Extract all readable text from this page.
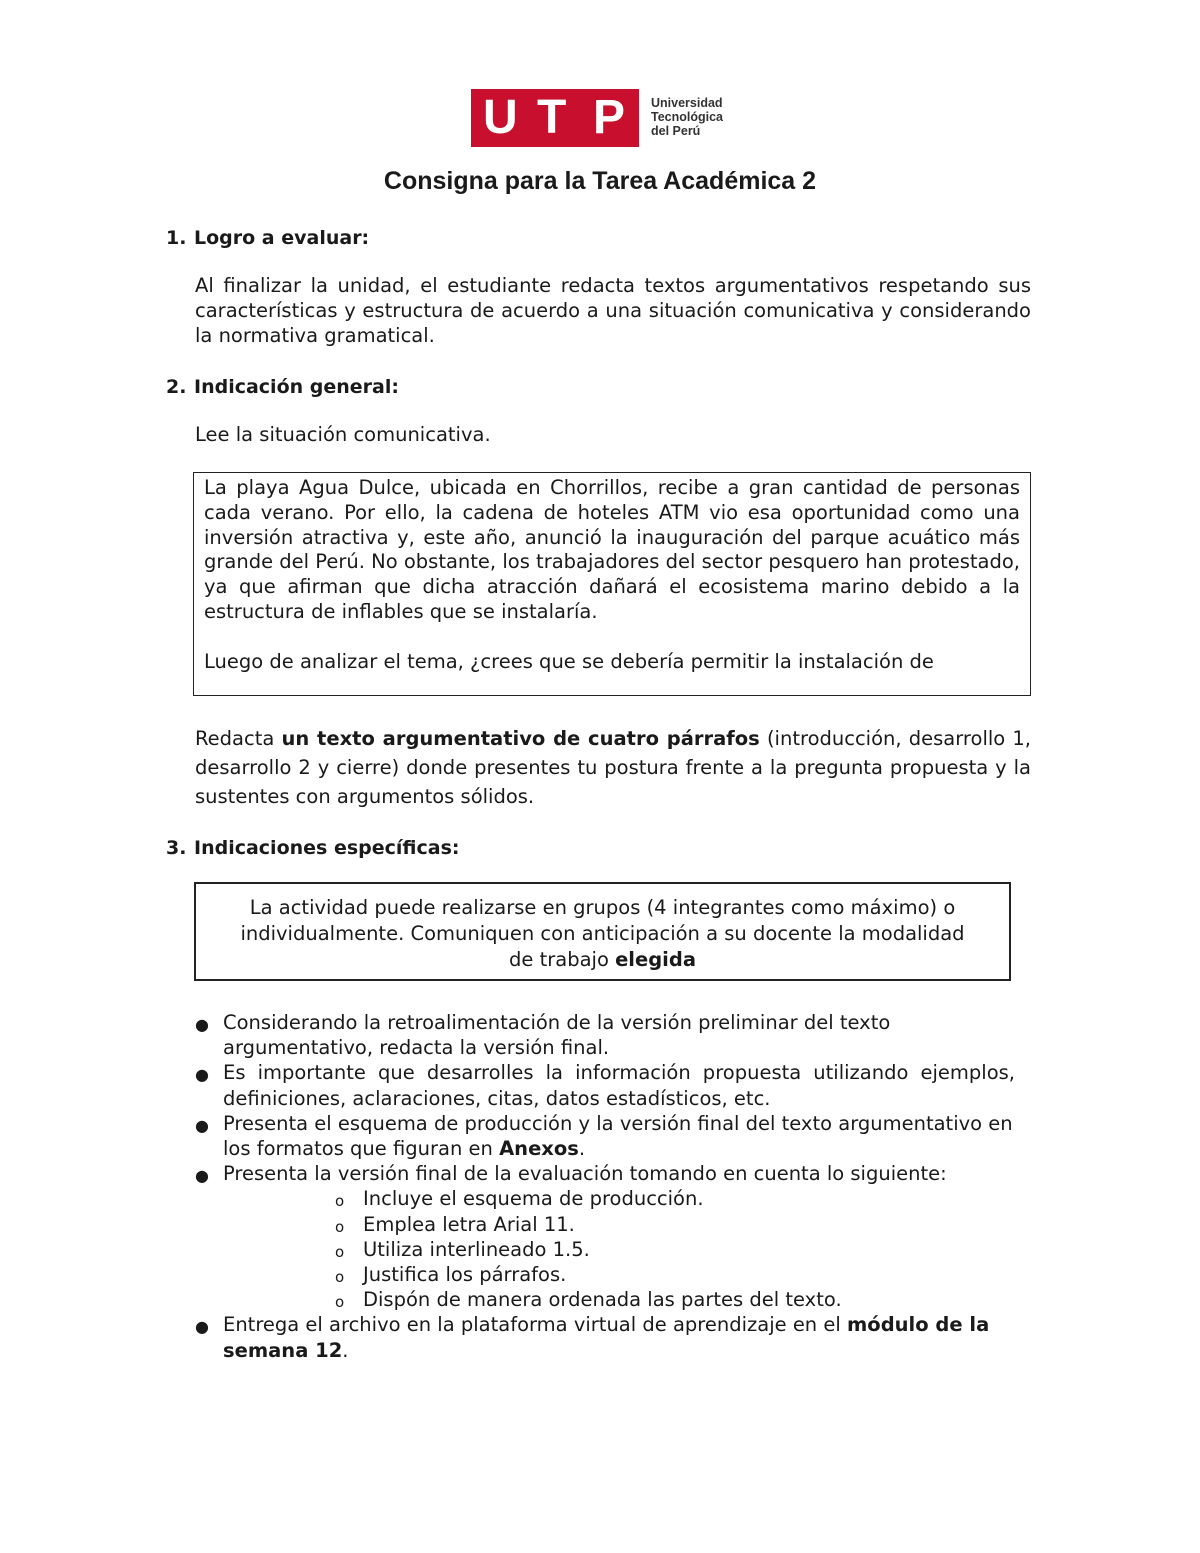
U T P Universidad
Tecnológica
del Perú
Consigna para la Tarea Académica 2
1. Logro a evaluar:
Al finalizar la unidad, el estudiante redacta textos argumentativos respetando sus características y estructura de acuerdo a una situación comunicativa y considerando la normativa gramatical.
2. Indicación general:
Lee la situación comunicativa.
La playa Agua Dulce, ubicada en Chorrillos, recibe a gran cantidad de personas cada verano. Por ello, la cadena de hoteles ATM vio esa oportunidad como una inversión atractiva y, este año, anunció la inauguración del parque acuático más grande del Perú. No obstante, los trabajadores del sector pesquero han protestado, ya que afirman que dicha atracción dañará el ecosistema marino debido a la estructura de inflables que se instalaría.
Luego de analizar el tema, ¿crees que se debería permitir la instalación de
Redacta un texto argumentativo de cuatro párrafos (introducción, desarrollo 1, desarrollo 2 y cierre) donde presentes tu postura frente a la pregunta propuesta y la sustentes con argumentos sólidos.
3. Indicaciones específicas:
La actividad puede realizarse en grupos (4 integrantes como máximo) o individualmente. Comuniquen con anticipación a su docente la modalidad de trabajo elegida
● Considerando la retroalimentación de la versión preliminar del texto argumentativo, redacta la versión final.
● Es importante que desarrolles la información propuesta utilizando ejemplos, definiciones, aclaraciones, citas, datos estadísticos, etc.
● Presenta el esquema de producción y la versión final del texto argumentativo en los formatos que figuran en Anexos.
● Presenta la versión final de la evaluación tomando en cuenta lo siguiente:
o Incluye el esquema de producción.
o Emplea letra Arial 11.
o Utiliza interlineado 1.5.
o Justifica los párrafos.
o Dispón de manera ordenada las partes del texto.
● Entrega el archivo en la plataforma virtual de aprendizaje en el módulo de la semana 12.
